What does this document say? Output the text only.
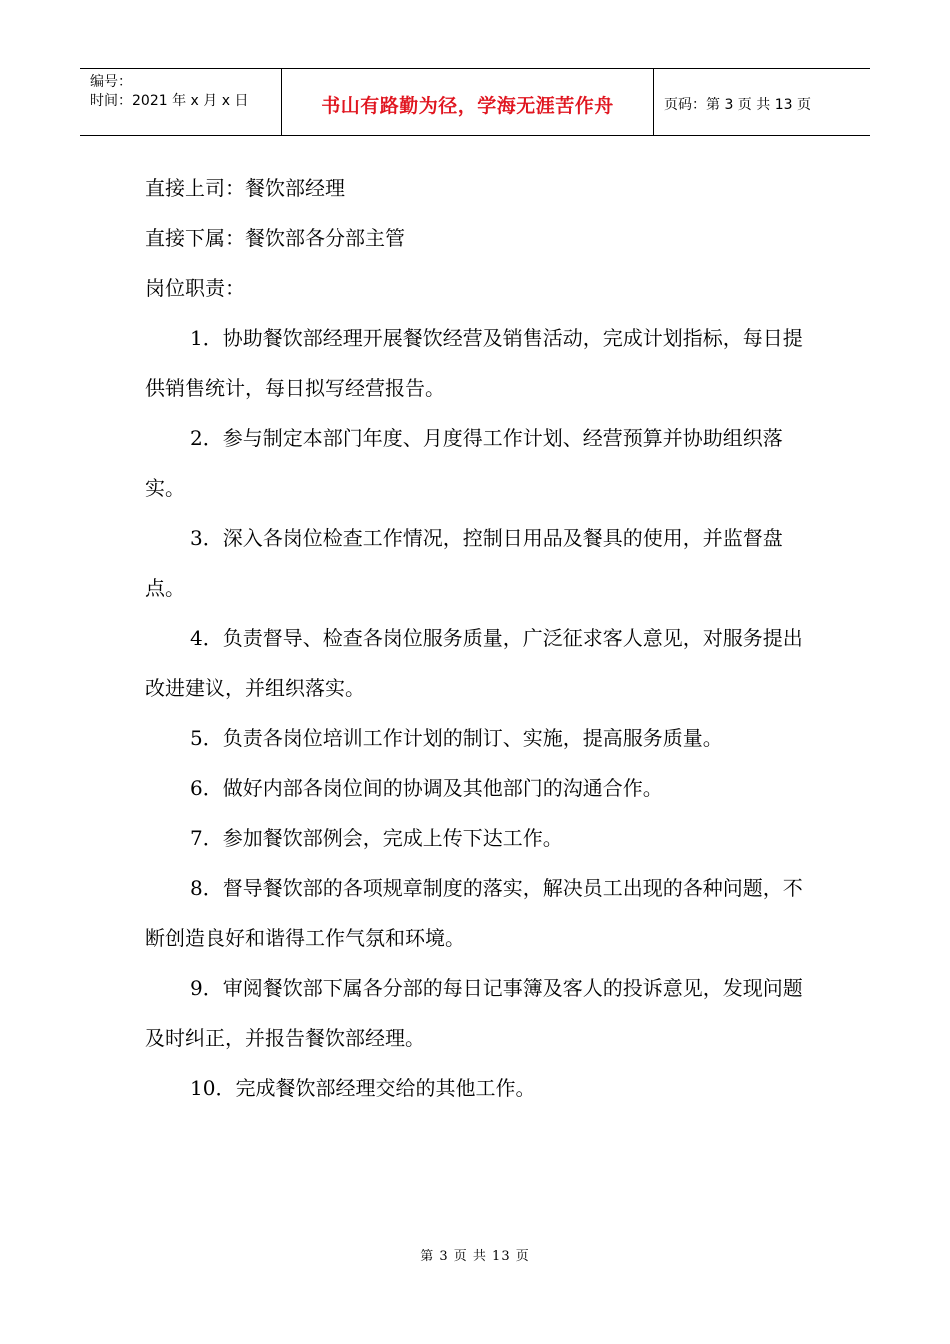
编号：
时间：2021 年 x 月 x 日	书山有路勤为径，学海无涯苦作舟	页码：第 3 页 共 13 页

直接上司：餐饮部经理

直接下属：餐饮部各分部主管

岗位职责：

1．协助餐饮部经理开展餐饮经营及销售活动，完成计划指标，每日提供销售统计，每日拟写经营报告。

2．参与制定本部门年度、月度得工作计划、经营预算并协助组织落实。

3．深入各岗位检查工作情况，控制日用品及餐具的使用，并监督盘点。

4．负责督导、检查各岗位服务质量，广泛征求客人意见，对服务提出改进建议，并组织落实。

5．负责各岗位培训工作计划的制订、实施，提高服务质量。

6．做好内部各岗位间的协调及其他部门的沟通合作。

7．参加餐饮部例会，完成上传下达工作。

8．督导餐饮部的各项规章制度的落实，解决员工出现的各种问题，不断创造良好和谐得工作气氛和环境。

9．审阅餐饮部下属各分部的每日记事簿及客人的投诉意见，发现问题及时纠正，并报告餐饮部经理。

10．完成餐饮部经理交给的其他工作。

第 3 页 共 13 页
